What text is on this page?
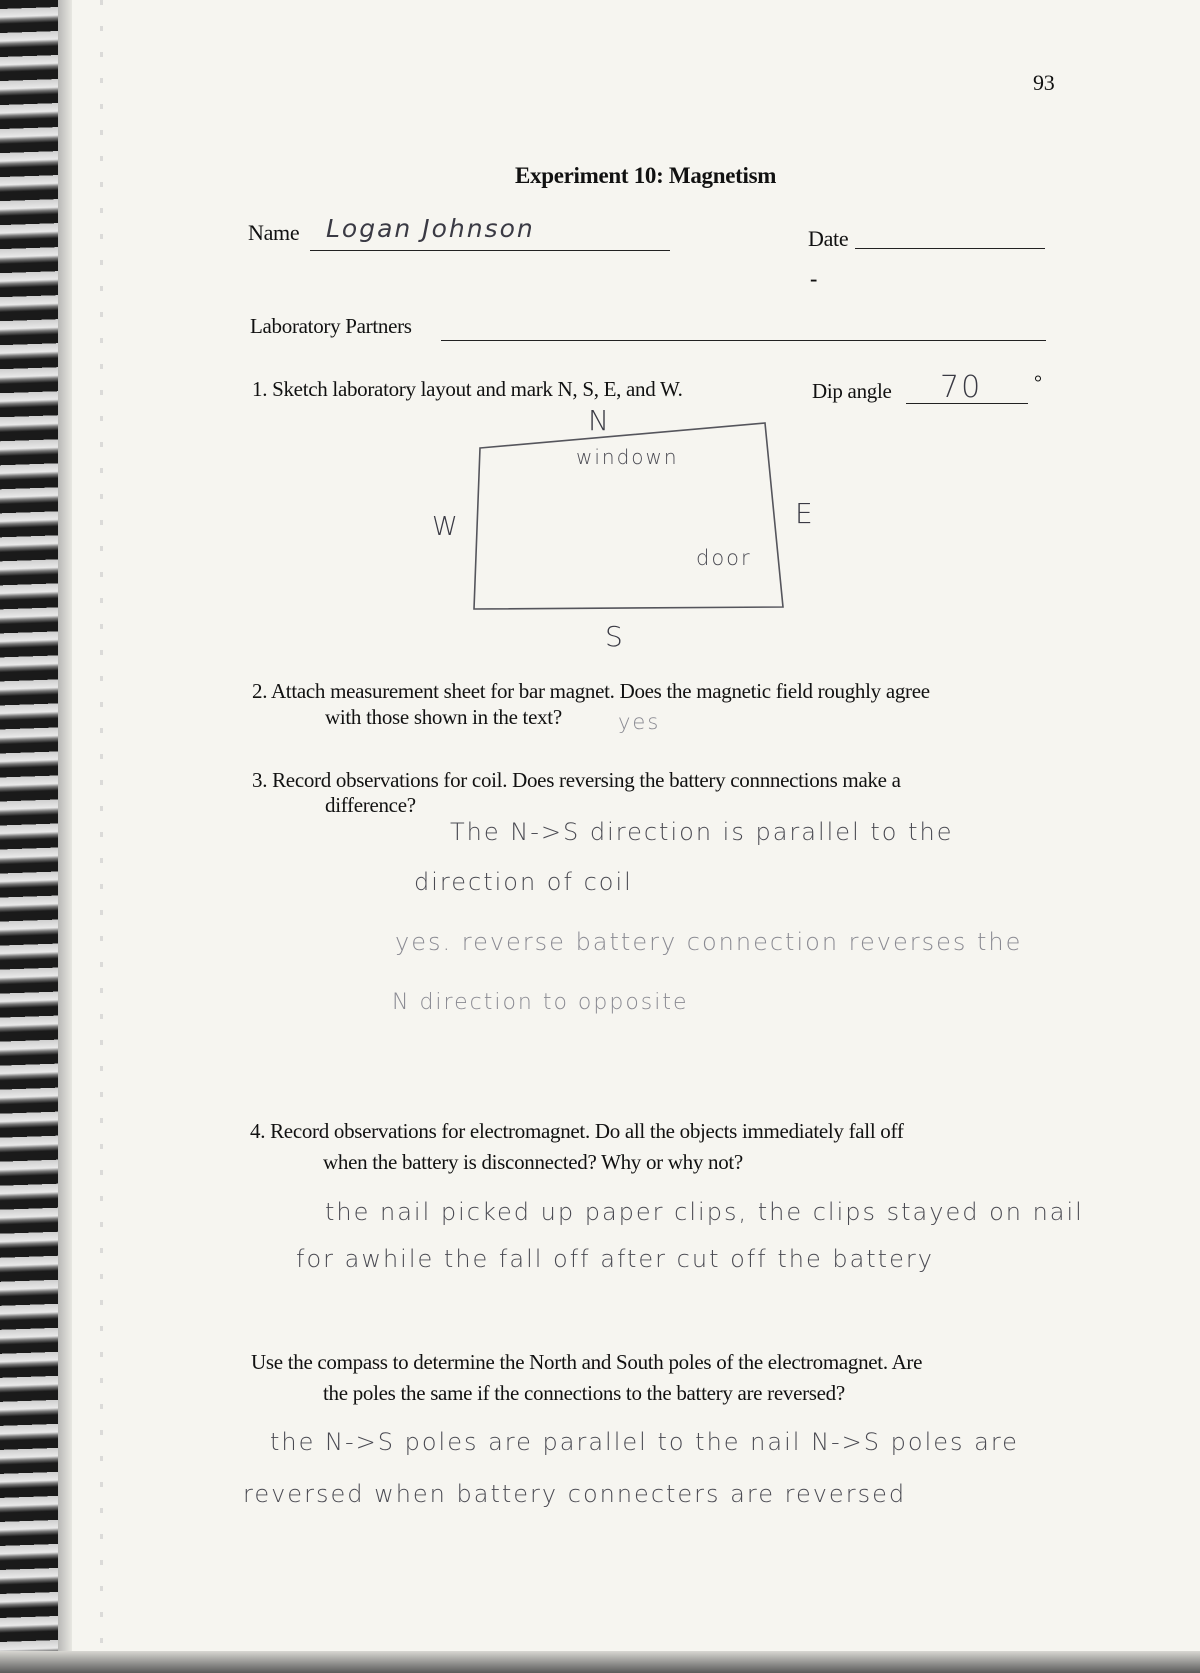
93
Experiment 10: Magnetism
Name Logan Johnson	Date
-
Laboratory Partners
1. Sketch laboratory layout and mark N, S, E, and W.	Dip angle 70	°
N
windown
W	E
door
S
2. Attach measurement sheet for bar magnet. Does the magnetic field roughly agree
with those shown in the text?	yes
3. Record observations for coil. Does reversing the battery connnections make a
difference?
The N->S direction is parallel to the
direction of coil
yes. reverse battery connection reverses the
N direction to opposite
4. Record observations for electromagnet. Do all the objects immediately fall off
when the battery is disconnected? Why or why not?
the nail picked up paper clips, the clips stayed on nail
for awhile the fall off after cut off the battery
Use the compass to determine the North and South poles of the electromagnet. Are
the poles the same if the connections to the battery are reversed?
the N->S poles are parallel to the nail N->S poles are
reversed when battery connecters are reversed
